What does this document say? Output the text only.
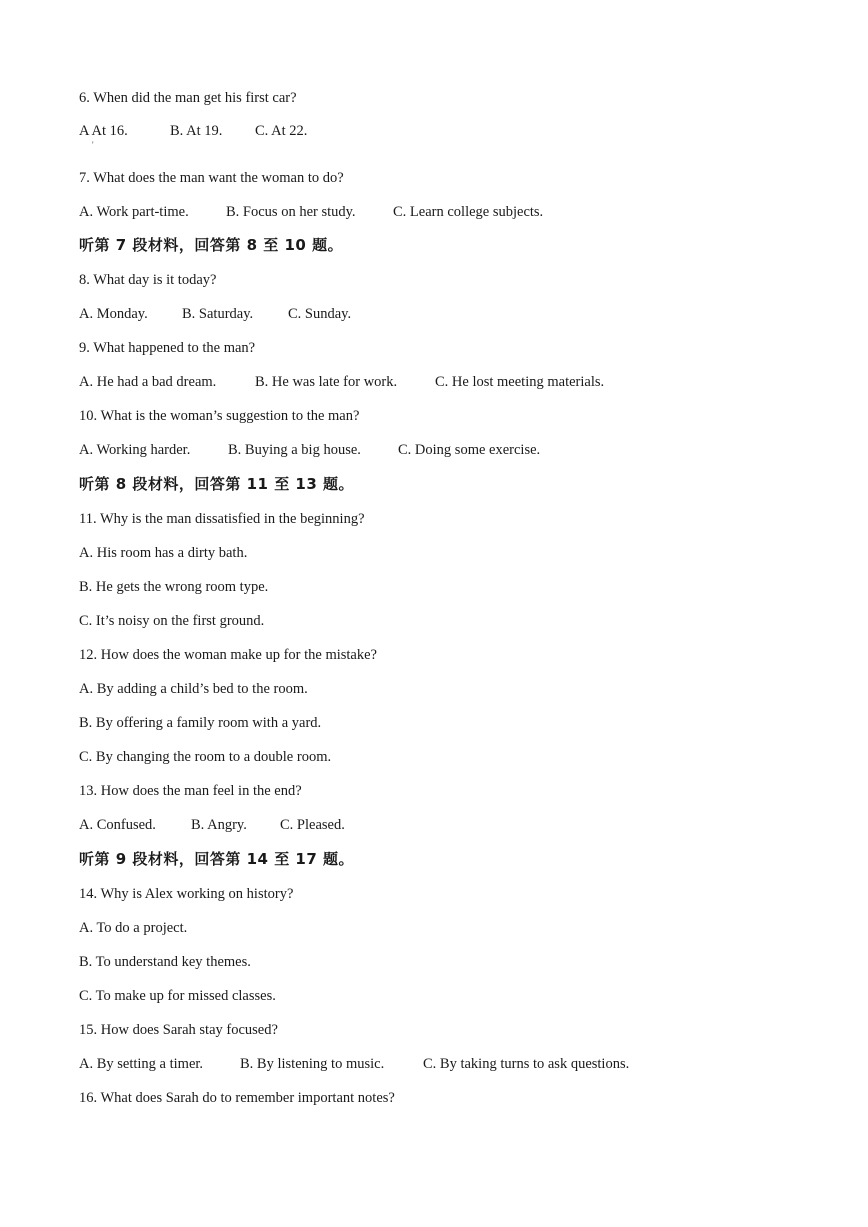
6. When did the man get his first car?
A At 16.	B. At 19. C. At 22.
'
7. What does the man want the woman to do?
A. Work part-time.	B. Focus on her study.	C. Learn college subjects.
听第 7 段材料，回答第 8 至 10 题。
8. What day is it today?
A. Monday. B. Saturday. C. Sunday.
9. What happened to the man?
A. He had a bad dream.	B. He was late for work.	C. He lost meeting materials.
10. What is the woman’s suggestion to the man?
A. Working harder.	B. Buying a big house.	C. Doing some exercise.
听第 8 段材料，回答第 11 至 13 题。
11. Why is the man dissatisfied in the beginning?
A. His room has a dirty bath.
B. He gets the wrong room type.
C. It’s noisy on the first ground.
12. How does the woman make up for the mistake?
A. By adding a child’s bed to the room.
B. By offering a family room with a yard.
C. By changing the room to a double room.
13. How does the man feel in the end?
A. Confused. B. Angry. C. Pleased.
听第 9 段材料，回答第 14 至 17 题。
14. Why is Alex working on history?
A. To do a project.
B. To understand key themes.
C. To make up for missed classes.
15. How does Sarah stay focused?
A. By setting a timer.	B. By listening to music.	C. By taking turns to ask questions.
16. What does Sarah do to remember important notes?
